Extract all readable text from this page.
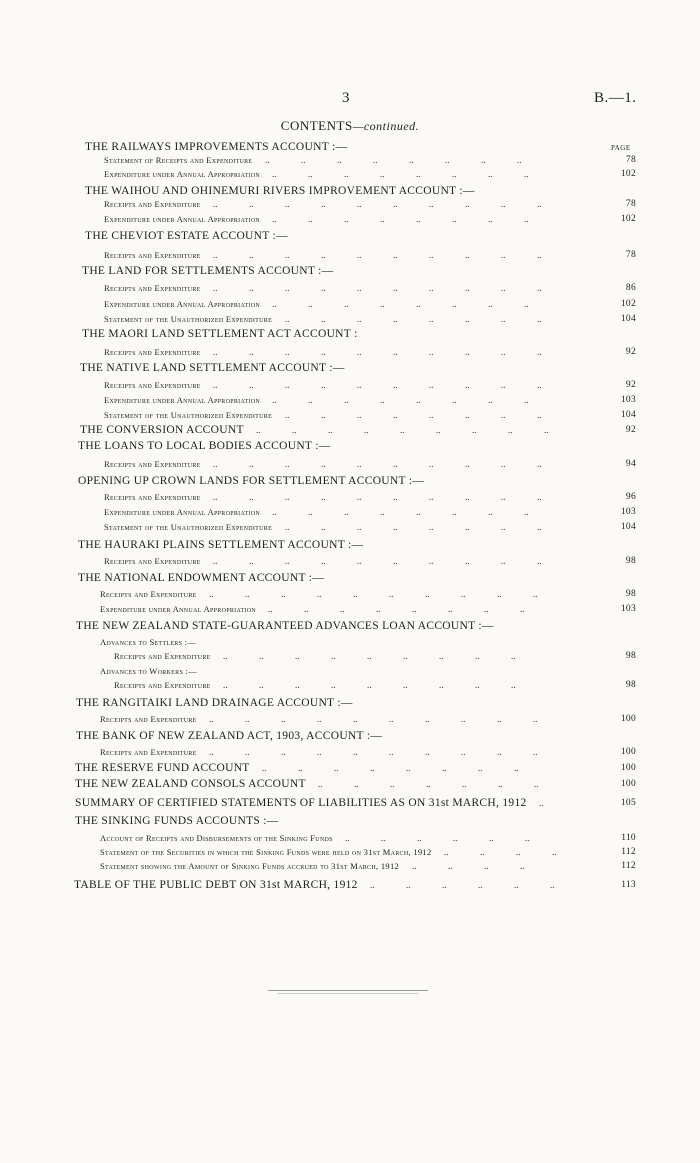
3	B.—1.
CONTENTS—continued.
PAGE
THE RAILWAYS IMPROVEMENTS ACCOUNT :—
Statement of Receipts and Expenditure	78
..    ..    ..    ..    ..    ..    ..    ..    
Expenditure under Annual Appropriation	102
..    ..    ..    ..    ..    ..    ..    ..    
THE WAIHOU AND OHINEMURI RIVERS IMPROVEMENT ACCOUNT :—
Receipts and Expenditure	78
..    ..    ..    ..    ..    ..    ..    ..    ..    ..    
Expenditure under Annual Appropriation	102
..    ..    ..    ..    ..    ..    ..    ..    
THE CHEVIOT ESTATE ACCOUNT :—
Receipts and Expenditure	78
..    ..    ..    ..    ..    ..    ..    ..    ..    ..    
THE LAND FOR SETTLEMENTS ACCOUNT :—
Receipts and Expenditure	86
..    ..    ..    ..    ..    ..    ..    ..    ..    ..    
Expenditure under Annual Appropriation	102
..    ..    ..    ..    ..    ..    ..    ..    
Statement of the Unauthorized Expenditure	104
..    ..    ..    ..    ..    ..    ..    ..    
THE MAORI LAND SETTLEMENT ACT ACCOUNT :
Receipts and Expenditure	92
..    ..    ..    ..    ..    ..    ..    ..    ..    ..    
THE NATIVE LAND SETTLEMENT ACCOUNT :—
Receipts and Expenditure	92
..    ..    ..    ..    ..    ..    ..    ..    ..    ..    
Expenditure under Annual Appropriation	103
..    ..    ..    ..    ..    ..    ..    ..    
Statement of the Unauthorized Expenditure	104
..    ..    ..    ..    ..    ..    ..    ..    
THE CONVERSION ACCOUNT	92
..    ..    ..    ..    ..    ..    ..    ..    ..    
THE LOANS TO LOCAL BODIES ACCOUNT :—
Receipts and Expenditure	94
..    ..    ..    ..    ..    ..    ..    ..    ..    ..    
OPENING UP CROWN LANDS FOR SETTLEMENT ACCOUNT :—
Receipts and Expenditure	96
..    ..    ..    ..    ..    ..    ..    ..    ..    ..    
Expenditure under Annual Appropriation	103
..    ..    ..    ..    ..    ..    ..    ..    
Statement of the Unauthorized Expenditure	104
..    ..    ..    ..    ..    ..    ..    ..    
THE HAURAKI PLAINS SETTLEMENT ACCOUNT :—
Receipts and Expenditure	98
..    ..    ..    ..    ..    ..    ..    ..    ..    ..    
THE NATIONAL ENDOWMENT ACCOUNT :—
Receipts and Expenditure	98
..    ..    ..    ..    ..    ..    ..    ..    ..    ..    
Expenditure under Annual Appropriation	103
..    ..    ..    ..    ..    ..    ..    ..    
THE NEW ZEALAND STATE-GUARANTEED ADVANCES LOAN ACCOUNT :—
Advances to Settlers :—
Receipts and Expenditure	98
..    ..    ..    ..    ..    ..    ..    ..    ..    
Advances to Workers :—
Receipts and Expenditure	98
..    ..    ..    ..    ..    ..    ..    ..    ..    
THE RANGITAIKI LAND DRAINAGE ACCOUNT :—
Receipts and Expenditure	100
..    ..    ..    ..    ..    ..    ..    ..    ..    ..    
THE BANK OF NEW ZEALAND ACT, 1903, ACCOUNT :—
Receipts and Expenditure	100
..    ..    ..    ..    ..    ..    ..    ..    ..    ..    
THE RESERVE FUND ACCOUNT	100
..    ..    ..    ..    ..    ..    ..    ..    
THE NEW ZEALAND CONSOLS ACCOUNT	100
..    ..    ..    ..    ..    ..    ..    
SUMMARY OF CERTIFIED STATEMENTS OF LIABILITIES AS ON 31st MARCH, 1912	105
..    
THE SINKING FUNDS ACCOUNTS :—
Account of Receipts and Disbursements of the Sinking Funds	110
..    ..    ..    ..    ..    ..    
Statement of the Securities in which the Sinking Funds were held on 31st March, 1912	112
..    ..    ..    ..    
Statement showing the Amount of Sinking Funds accrued to 31st March, 1912	112
..    ..    ..    ..    
TABLE OF THE PUBLIC DEBT ON 31st MARCH, 1912	113
..    ..    ..    ..    ..    ..    
